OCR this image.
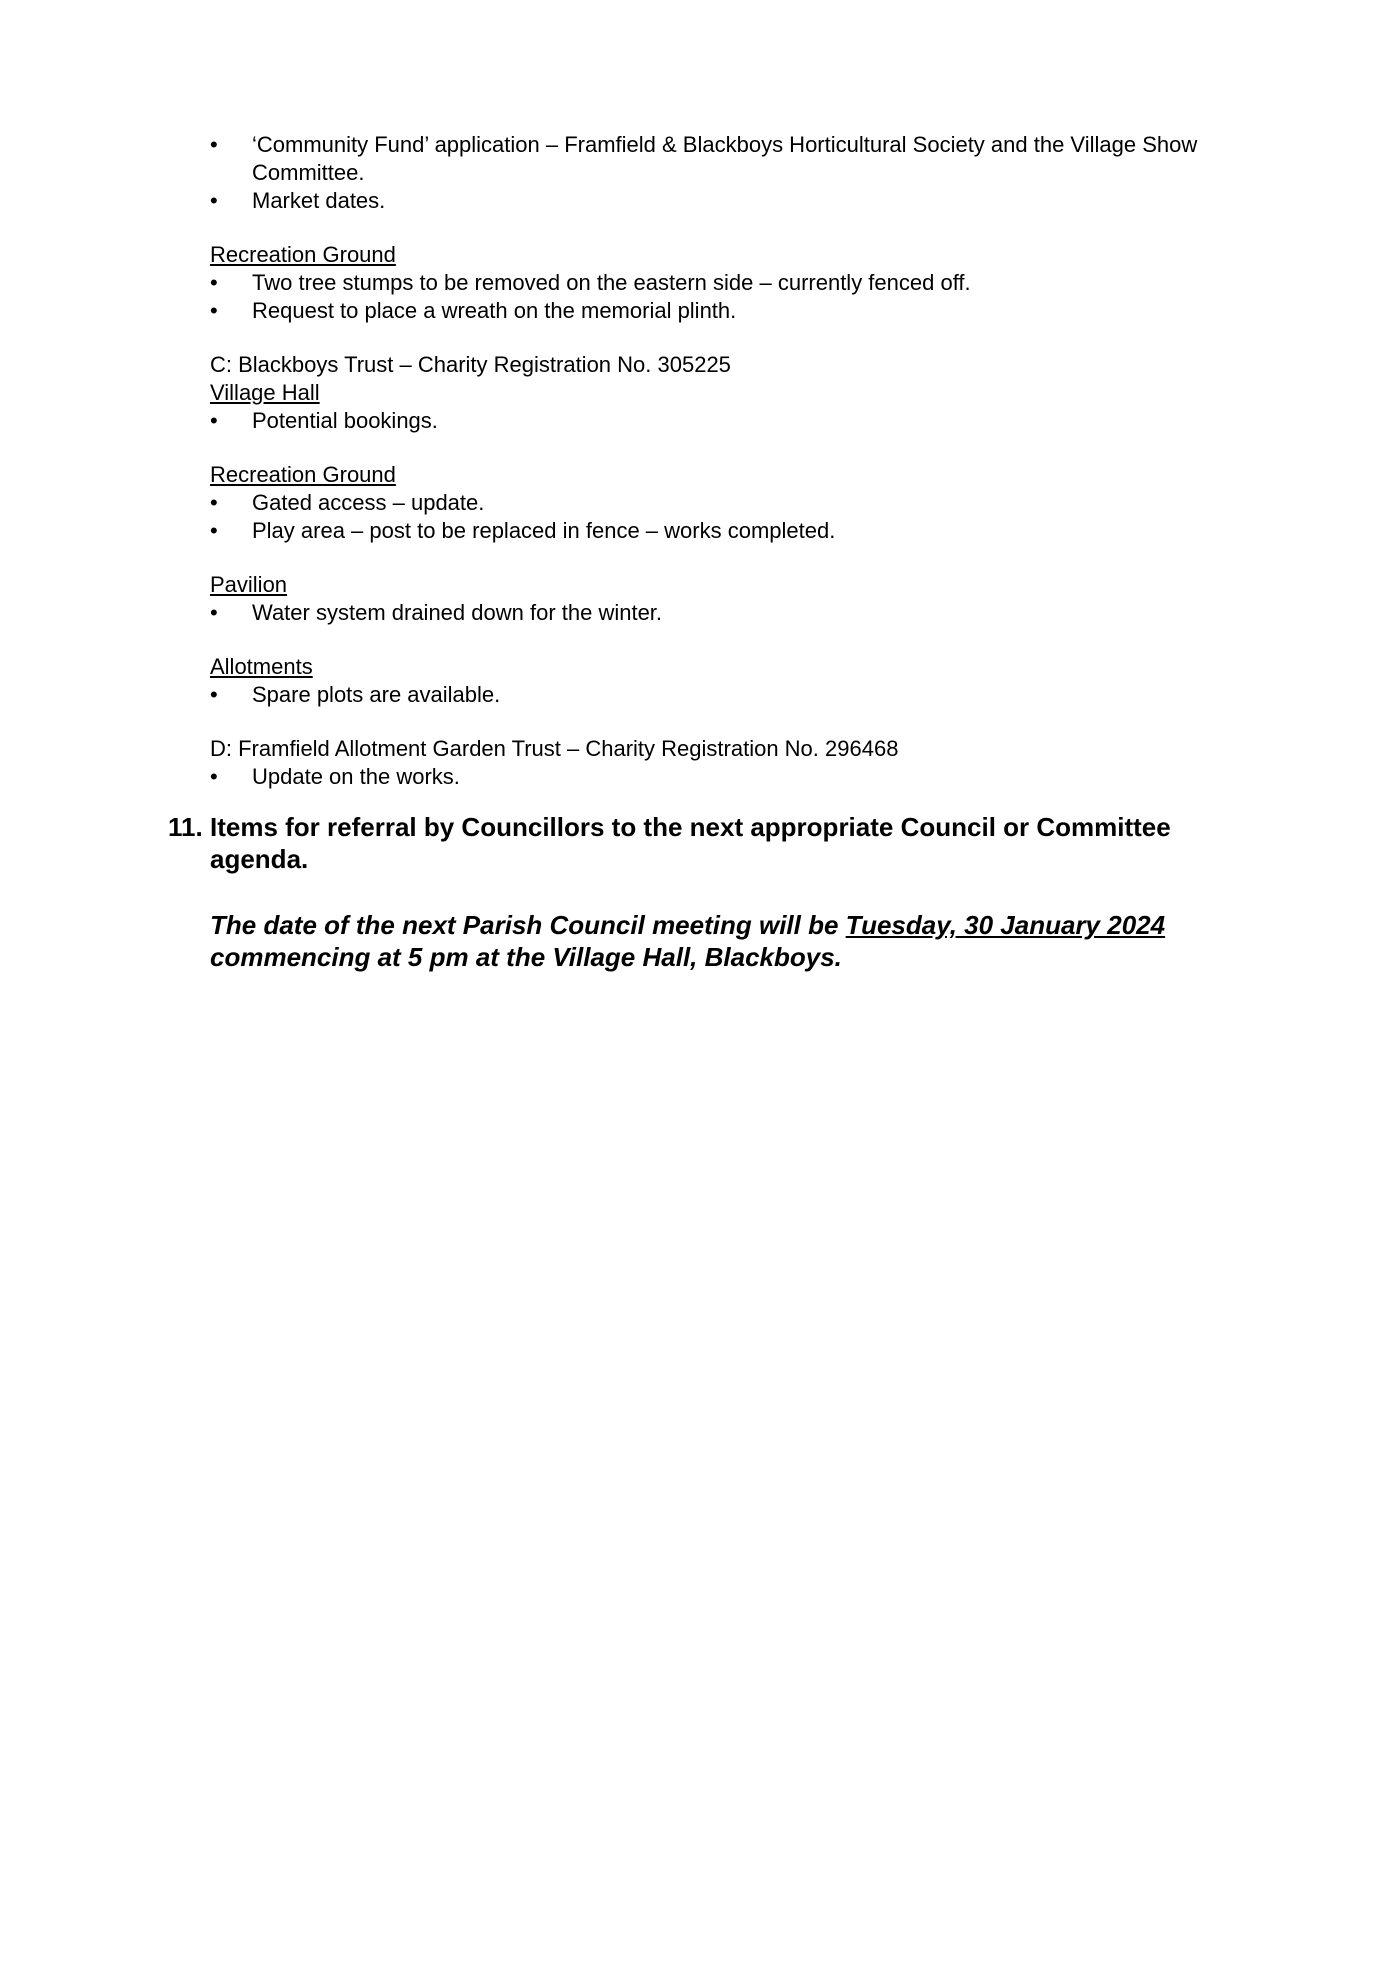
• ‘Community Fund’ application – Framfield & Blackboys Horticultural Society and the Village Show Committee.
• Market dates.
Recreation Ground
• Two tree stumps to be removed on the eastern side – currently fenced off.
• Request to place a wreath on the memorial plinth.
C: Blackboys Trust – Charity Registration No. 305225
Village Hall
• Potential bookings.
Recreation Ground
• Gated access – update.
• Play area – post to be replaced in fence – works completed.
Pavilion
• Water system drained down for the winter.
Allotments
• Spare plots are available.
D: Framfield Allotment Garden Trust – Charity Registration No. 296468
• Update on the works.
11. Items for referral by Councillors to the next appropriate Council or Committee agenda.
The date of the next Parish Council meeting will be Tuesday, 30 January 2024 commencing at 5 pm at the Village Hall, Blackboys.
